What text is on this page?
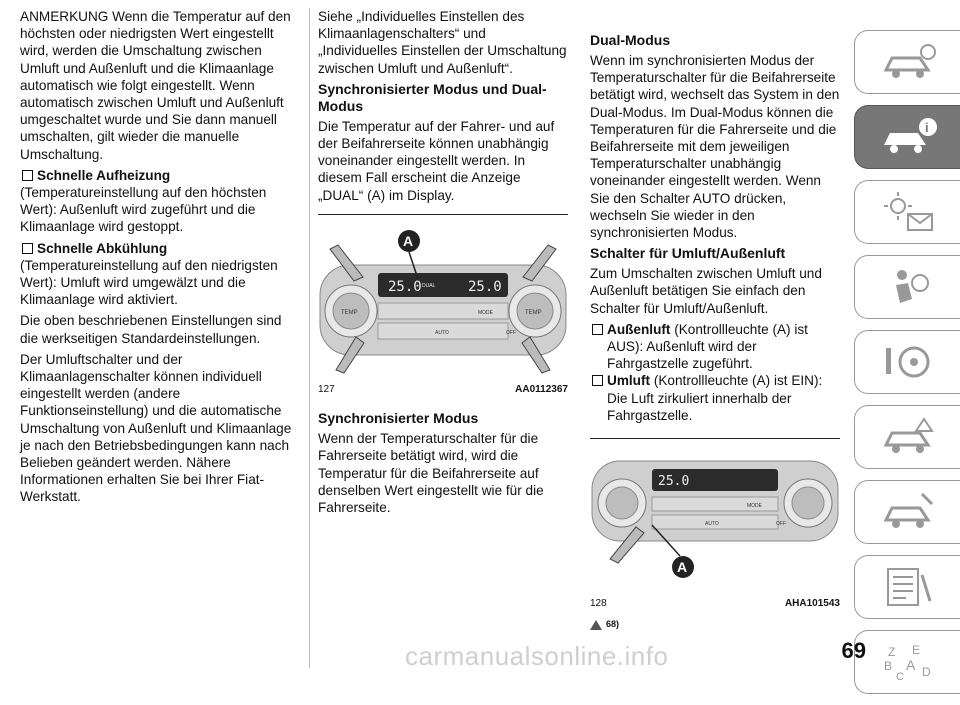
ANMERKUNG Wenn die Temperatur auf den höchsten oder niedrigsten Wert eingestellt wird, werden die Umschaltung zwischen Umluft und Außenluft und die Klimaanlage automatisch wie folgt eingestellt. Wenn automatisch zwischen Umluft und Außenluft umgeschaltet wurde und Sie dann manuell umschalten, gilt wieder die manuelle Umschaltung.

Schnelle Aufheizung

(Temperatureinstellung auf den höchsten Wert): Außenluft wird zugeführt und die Klimaanlage wird gestoppt.

Schnelle Abkühlung

(Temperatureinstellung auf den niedrigsten Wert): Umluft wird umgewälzt und die Klimaanlage wird aktiviert.

Die oben beschriebenen Einstellungen sind die werkseitigen Standardeinstellungen.

Der Umluftschalter und der Klimaanlagenschalter können individuell eingestellt werden (andere Funktionseinstellung) und die automatische Umschaltung von Außenluft und Klimaanlage je nach den Betriebsbedingungen kann nach Belieben geändert werden. Nähere Informationen erhalten Sie bei Ihrer Fiat-Werkstatt.

Siehe „Individuelles Einstellen des Klimaanlagenschalters“ und „Individuelles Einstellen der Umschaltung zwischen Umluft und Außenluft“.

Synchronisierter Modus und Dual-Modus

Die Temperatur auf der Fahrer- und auf der Beifahrerseite können unabhängig voneinander eingestellt werden. In diesem Fall erscheint die Anzeige „DUAL“ (A) im Display.

25.0	25.0
DUAL
TEMP	TEMP
MODE
AUTO	OFF
A
127	AA0112367
Synchronisierter Modus

Wenn der Temperaturschalter für die Fahrerseite betätigt wird, wird die Temperatur für die Beifahrerseite auf denselben Wert eingestellt wie für die Fahrerseite.

Dual-Modus

Wenn im synchronisierten Modus der Temperaturschalter für die Beifahrerseite betätigt wird, wechselt das System in den Dual-Modus. Im Dual-Modus können die Temperaturen für die Fahrerseite und die Beifahrerseite mit dem jeweiligen Temperaturschalter unabhängig voneinander eingestellt werden. Wenn Sie den Schalter AUTO drücken, wechseln Sie wieder in den synchronisierten Modus.

Schalter für Umluft/Außenluft

Zum Umschalten zwischen Umluft und Außenluft betätigen Sie einfach den Schalter für Umluft/Außenluft.

Außenluft (Kontrollleuchte (A) ist AUS): Außenluft wird der Fahrgastzelle zugeführt.
Umluft (Kontrollleuchte (A) ist EIN): Die Luft zirkuliert innerhalb der Fahrgastzelle.
25.0
MODE
AUTO	OFF
A
128	AHA101543
68)
i
Z E
B A
C D
69
carmanualsonline.info
